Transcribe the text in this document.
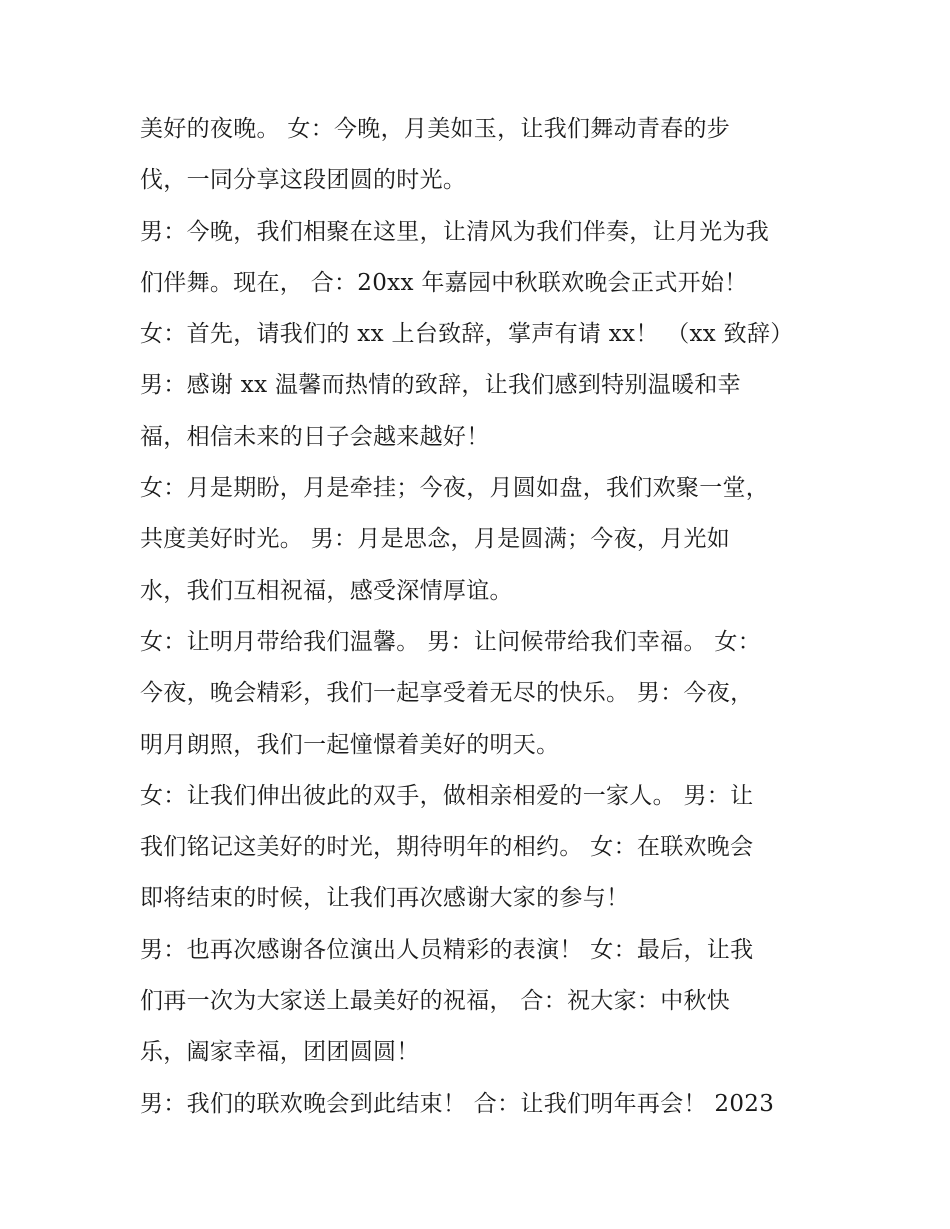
美好的夜晚。 女：今晚，月美如玉，让我们舞动青春的步
伐，一同分享这段团圆的时光。
男：今晚，我们相聚在这里，让清风为我们伴奏，让月光为我
们伴舞。现在， 合：20xx 年嘉园中秋联欢晚会正式开始！
女：首先，请我们的 xx 上台致辞，掌声有请 xx！ （xx 致辞）
男：感谢 xx 温馨而热情的致辞，让我们感到特别温暖和幸
福，相信未来的日子会越来越好！
女：月是期盼，月是牵挂；今夜，月圆如盘，我们欢聚一堂，
共度美好时光。 男：月是思念，月是圆满；今夜，月光如
水，我们互相祝福，感受深情厚谊。
女：让明月带给我们温馨。 男：让问候带给我们幸福。 女：
今夜，晚会精彩，我们一起享受着无尽的快乐。 男：今夜，
明月朗照，我们一起憧憬着美好的明天。
女：让我们伸出彼此的双手，做相亲相爱的一家人。 男：让
我们铭记这美好的时光，期待明年的相约。 女：在联欢晚会
即将结束的时候，让我们再次感谢大家的参与！
男：也再次感谢各位演出人员精彩的表演！ 女：最后，让我
们再一次为大家送上最美好的祝福， 合：祝大家：中秋快
乐，阖家幸福，团团圆圆！
男：我们的联欢晚会到此结束！ 合：让我们明年再会！ 2023
